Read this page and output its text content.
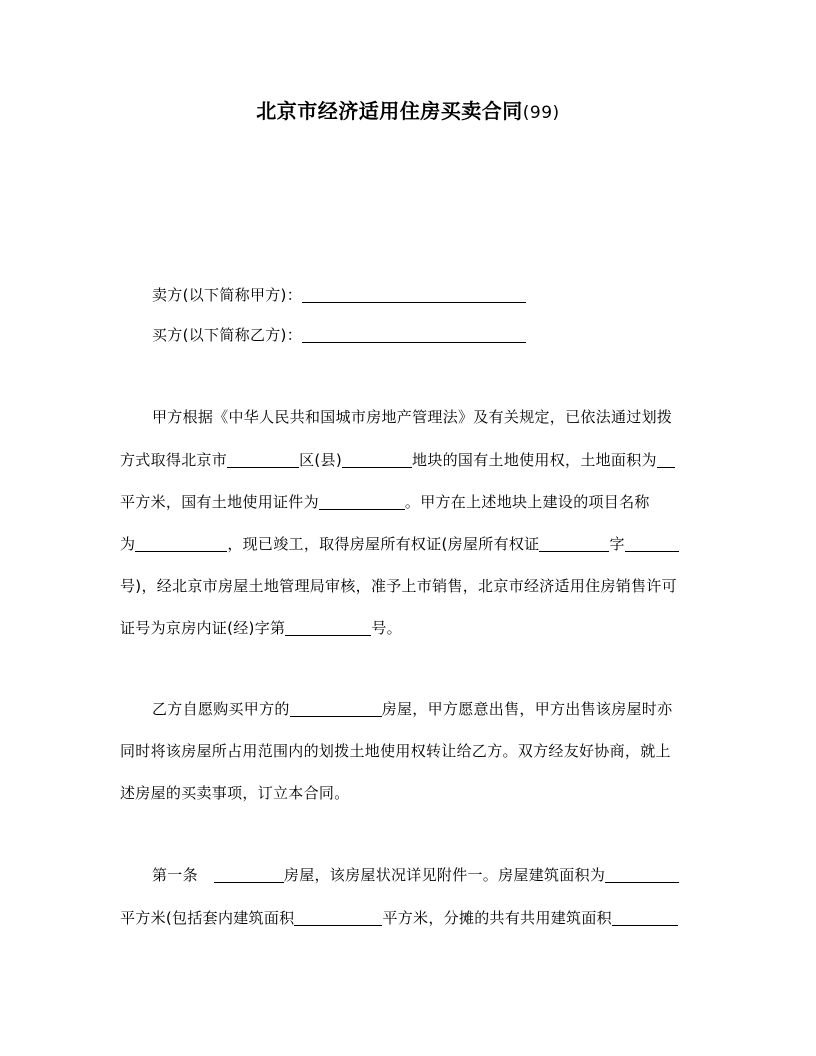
北京市经济适用住房买卖合同(99)
卖方(以下简称甲方)：
买方(以下简称乙方)：
甲方根据《中华人民共和国城市房地产管理法》及有关规定，已依法通过划拨
方式取得北京市	区(县)	地块的国有土地使用权，土地面积为
平方米，国有土地使用证件为	。甲方在上述地块上建设的项目名称
为	，现已竣工，取得房屋所有权证(房屋所有权证	字
号)，经北京市房屋土地管理局审核，准予上市销售，北京市经济适用住房销售许可
证号为京房内证(经)字第	号。
乙方自愿购买甲方的	房屋，甲方愿意出售，甲方出售该房屋时亦
同时将该房屋所占用范围内的划拨土地使用权转让给乙方。双方经友好协商，就上
述房屋的买卖事项，订立本合同。
第一条	房屋，该房屋状况详见附件一。房屋建筑面积为
平方米(包括套内建筑面积	平方米，分摊的共有共用建筑面积
